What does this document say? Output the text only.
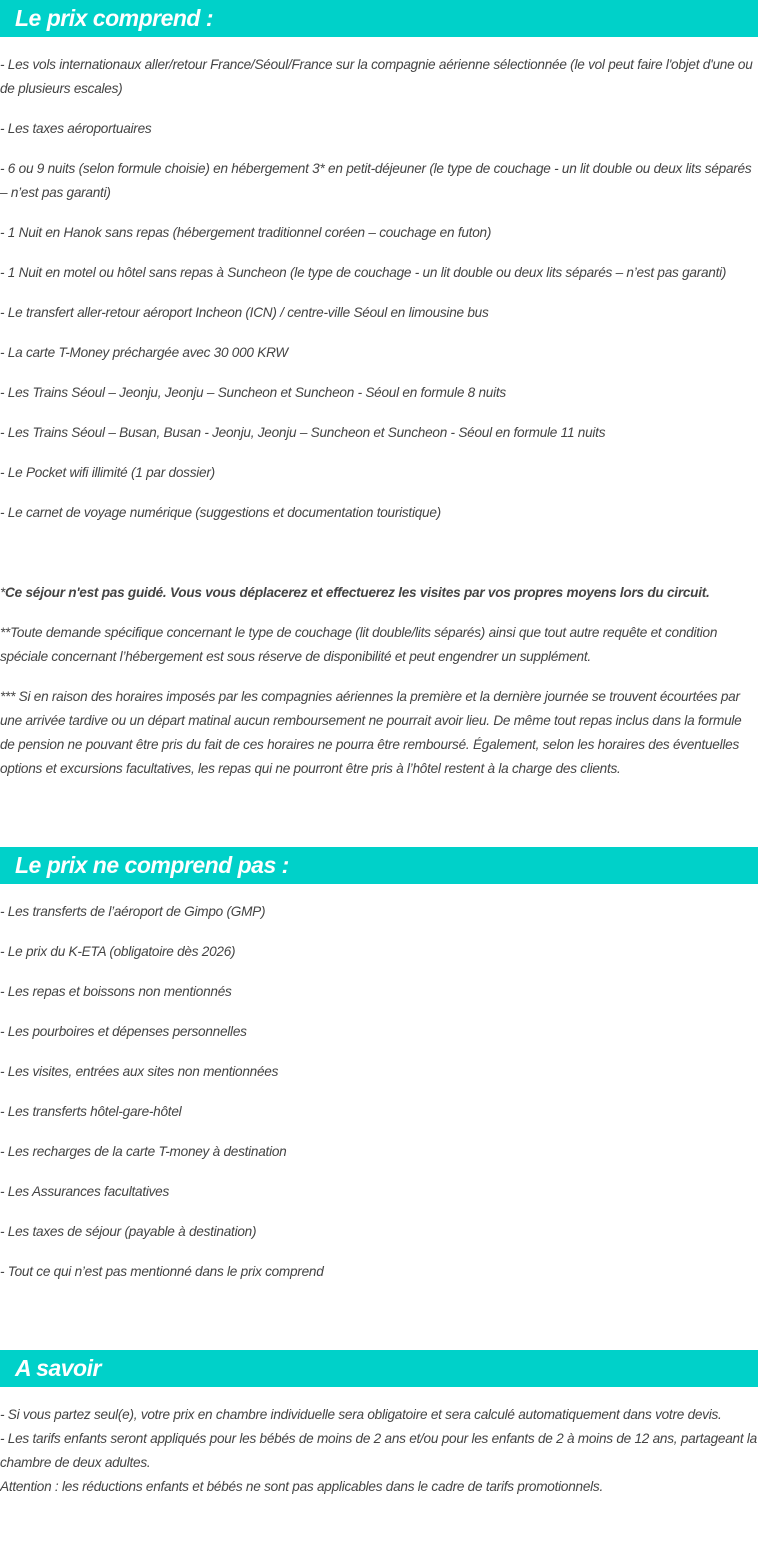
Le prix comprend :

- Les vols internationaux aller/retour France/Séoul/France sur la compagnie aérienne sélectionnée (le vol peut faire l'objet d'une ou de plusieurs escales)

- Les taxes aéroportuaires

- 6 ou 9 nuits (selon formule choisie) en hébergement 3* en petit-déjeuner (le type de couchage - un lit double ou deux lits séparés – n’est pas garanti)

- 1 Nuit en Hanok sans repas (hébergement traditionnel coréen – couchage en futon)

- 1 Nuit en motel ou hôtel sans repas à Suncheon (le type de couchage - un lit double ou deux lits séparés – n’est pas garanti)

- Le transfert aller-retour aéroport Incheon (ICN) / centre-ville Séoul en limousine bus

- La carte T-Money préchargée avec 30 000 KRW

- Les Trains Séoul – Jeonju, Jeonju – Suncheon et Suncheon - Séoul en formule 8 nuits

- Les Trains Séoul – Busan, Busan - Jeonju, Jeonju – Suncheon et Suncheon - Séoul en formule 11 nuits

- Le Pocket wifi illimité (1 par dossier)

- Le carnet de voyage numérique (suggestions et documentation touristique)

*Ce séjour n'est pas guidé. Vous vous déplacerez et effectuerez les visites par vos propres moyens lors du circuit.

**Toute demande spécifique concernant le type de couchage (lit double/lits séparés) ainsi que tout autre requête et condition spéciale concernant l’hébergement est sous réserve de disponibilité et peut engendrer un supplément.

*** Si en raison des horaires imposés par les compagnies aériennes la première et la dernière journée se trouvent écourtées par une arrivée tardive ou un départ matinal aucun remboursement ne pourrait avoir lieu. De même tout repas inclus dans la formule de pension ne pouvant être pris du fait de ces horaires ne pourra être remboursé. Également, selon les horaires des éventuelles options et excursions facultatives, les repas qui ne pourront être pris à l’hôtel restent à la charge des clients.

Le prix ne comprend pas :

- Les transferts de l’aéroport de Gimpo (GMP)

- Le prix du K-ETA (obligatoire dès 2026)

- Les repas et boissons non mentionnés

- Les pourboires et dépenses personnelles

- Les visites, entrées aux sites non mentionnées

- Les transferts hôtel-gare-hôtel

- Les recharges de la carte T-money à destination

- Les Assurances facultatives

- Les taxes de séjour (payable à destination)

- Tout ce qui n’est pas mentionné dans le prix comprend

A savoir

- Si vous partez seul(e), votre prix en chambre individuelle sera obligatoire et sera calculé automatiquement dans votre devis.
- Les tarifs enfants seront appliqués pour les bébés de moins de 2 ans et/ou pour les enfants de 2 à moins de 12 ans, partageant la chambre de deux adultes.
Attention : les réductions enfants et bébés ne sont pas applicables dans le cadre de tarifs promotionnels.
